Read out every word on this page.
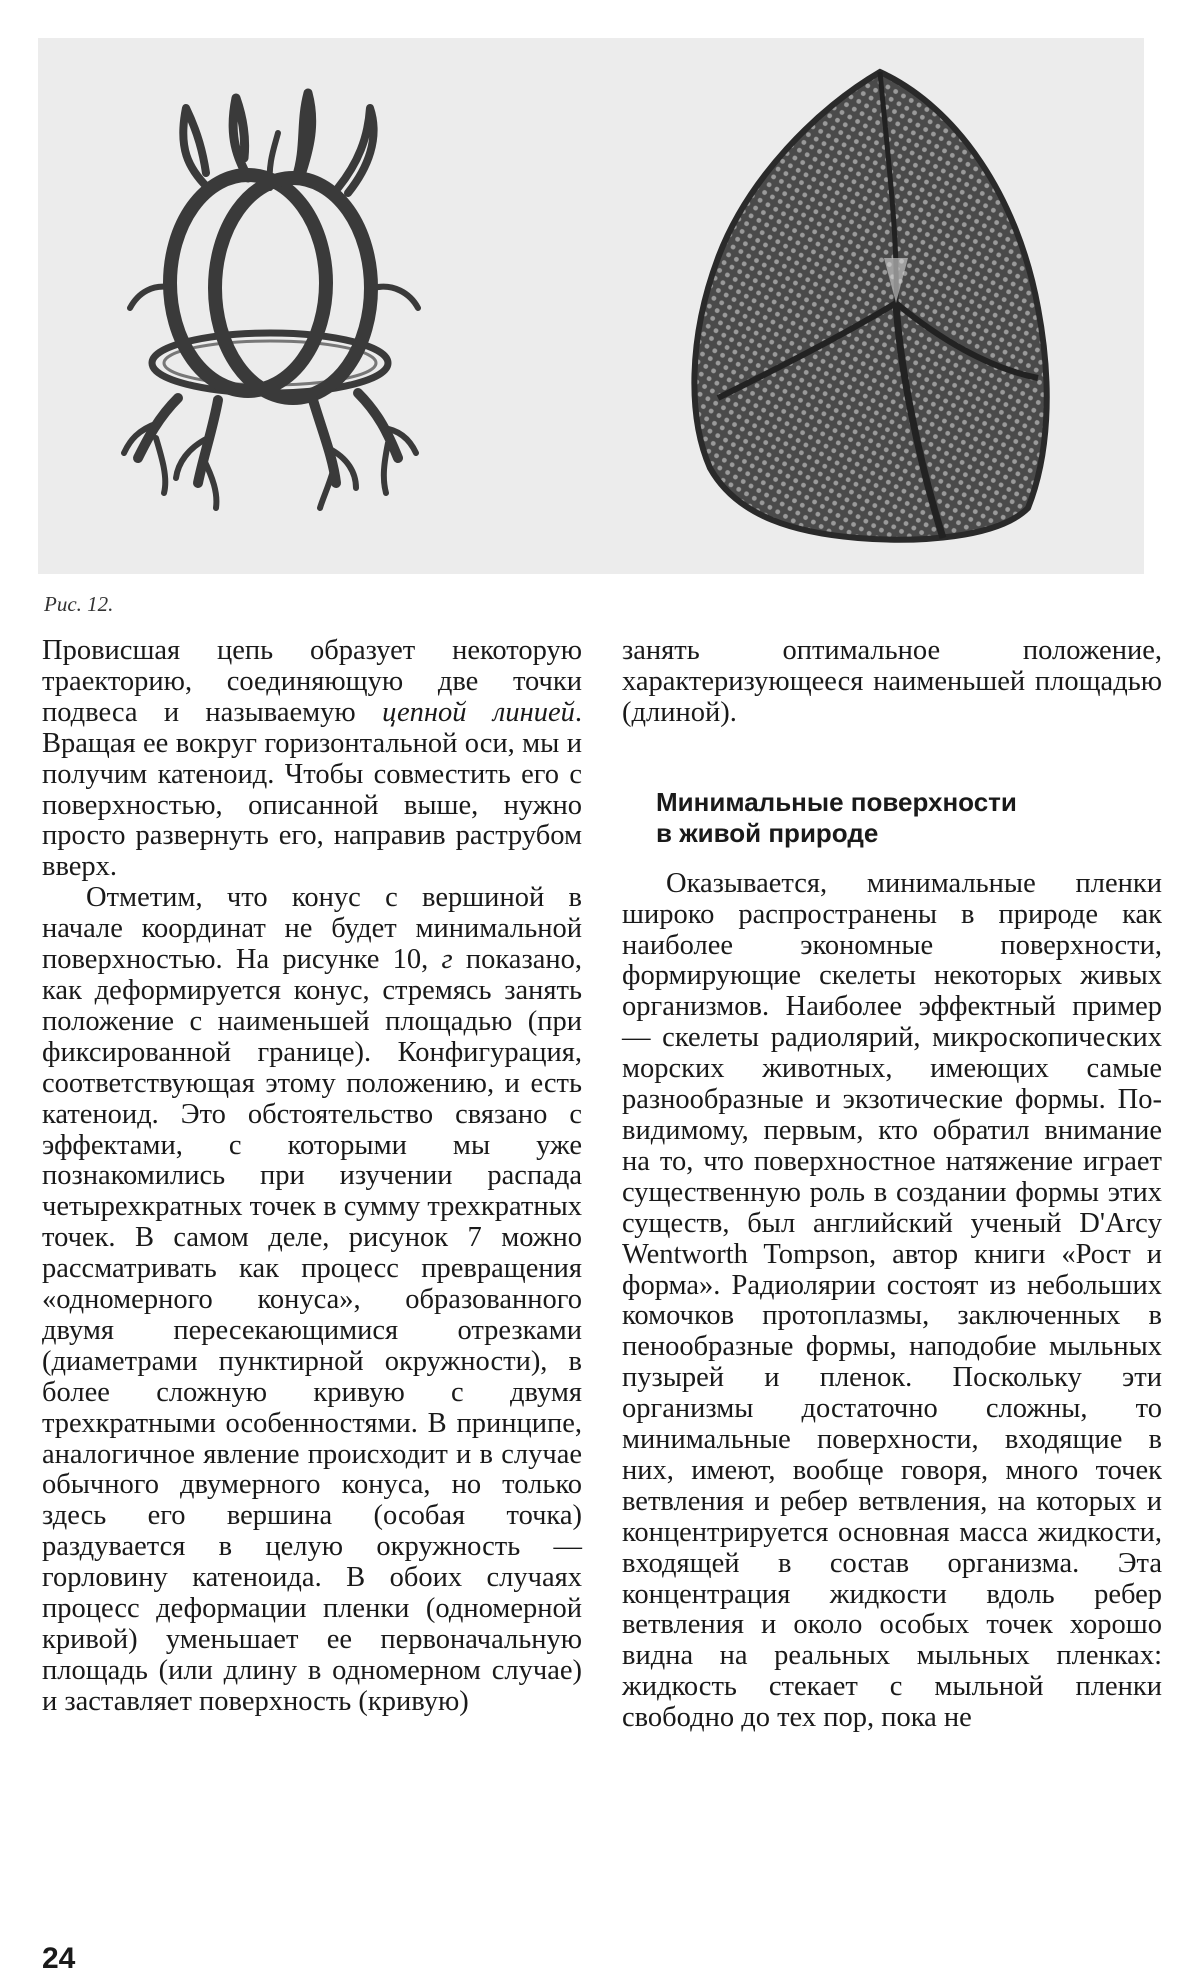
Рис. 12.

Провисшая цепь образует некоторую траекторию, соединяющую две точки подвеса и называемую цепной линией. Вращая ее вокруг горизонтальной оси, мы и получим катеноид. Чтобы совместить его с поверхностью, описанной выше, нужно просто развернуть его, направив раструбом вверх.

Отметим, что конус с вершиной в начале координат не будет минимальной поверхностью. На рисунке 10, г показано, как деформируется конус, стремясь занять положение с наименьшей площадью (при фиксированной границе). Конфигурация, соответствующая этому положению, и есть катеноид. Это обстоятельство связано с эффектами, с которыми мы уже познакомились при изучении распада четырехкратных точек в сумму трехкратных точек. В самом деле, рисунок 7 можно рассматривать как процесс превращения «одномерного конуса», образованного двумя пересекающимися отрезками (диаметрами пунктирной окружности), в более сложную кривую с двумя трехкратными особенностями. В принципе, аналогичное явление происходит и в случае обычного двумерного конуса, но только здесь его вершина (особая точка) раздувается в целую окружность — горловину катеноида. В обоих случаях процесс деформации пленки (одномерной кривой) уменьшает ее первоначальную площадь (или длину в одномерном случае) и заставляет поверхность (кривую)

занять оптимальное положение, характеризующееся наименьшей площадью (длиной).

Минимальные поверхности
в живой природе

Оказывается, минимальные пленки широко распространены в природе как наиболее экономные поверхности, формирующие скелеты некоторых живых организмов. Наиболее эффектный пример — скелеты радиолярий, микроскопических морских животных, имеющих самые разнообразные и экзотические формы. По-видимому, первым, кто обратил внимание на то, что поверхностное натяжение играет существенную роль в создании формы этих существ, был английский ученый D'Arcy Wentworth Tompson, автор книги «Рост и форма». Радиолярии состоят из небольших комочков протоплазмы, заключенных в пенообразные формы, наподобие мыльных пузырей и пленок. Поскольку эти организмы достаточно сложны, то минимальные поверхности, входящие в них, имеют, вообще говоря, много точек ветвления и ребер ветвления, на которых и концентрируется основная масса жидкости, входящей в состав организма. Эта концентрация жидкости вдоль ребер ветвления и около особых точек хорошо видна на реальных мыльных пленках: жидкость стекает с мыльной пленки свободно до тех пор, пока не

24
